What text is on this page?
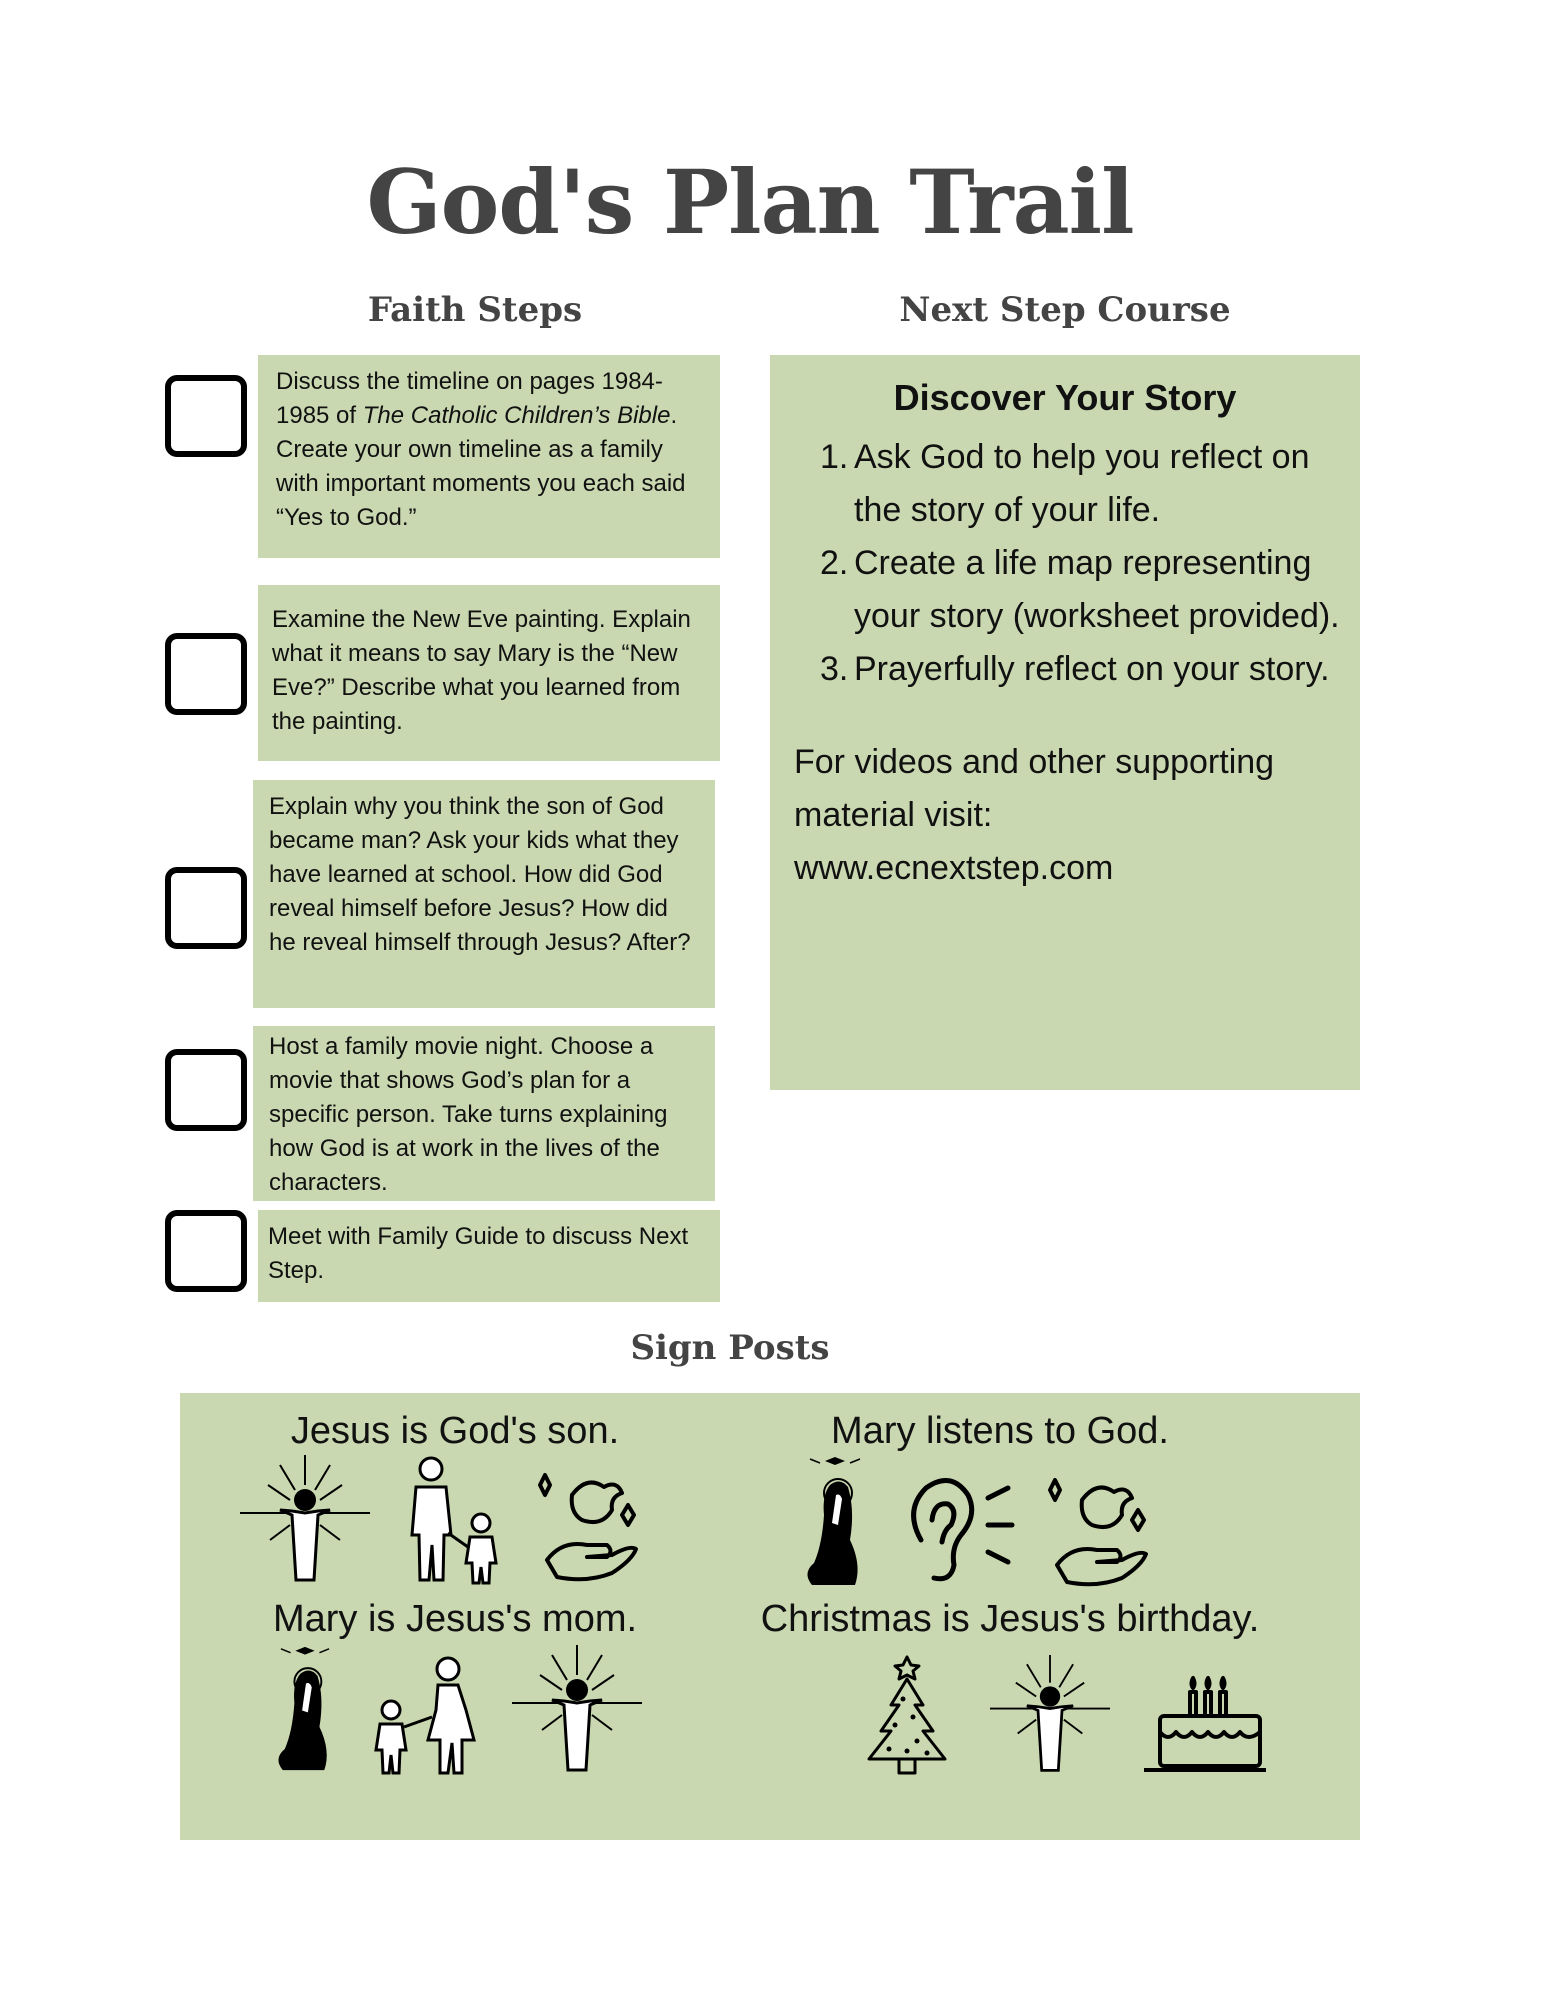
God's Plan Trail
Faith Steps	Next Step Course
Discuss the timeline on pages 1984-1985 of The Catholic Children’s Bible. Create your own timeline as a family with important moments you each said “Yes to God.”
Examine the New Eve painting. Explain what it means to say Mary is the “New Eve?” Describe what you learned from the painting.
Explain why you think the son of God became man? Ask your kids what they have learned at school. How did God reveal himself before Jesus? How did he reveal himself through Jesus? After?
Host a family movie night. Choose a movie that shows God’s plan for a specific person. Take turns explaining how God is at work in the lives of the characters.
Meet with Family Guide to discuss Next Step.
Discover Your Story
1. Ask God to help you reflect on the story of your life.
2. Create a life map representing your story (worksheet provided).
3. Prayerfully reflect on your story.
For videos and other supporting material visit:
www.ecnextstep.com
Sign Posts
Jesus is God's son.	Mary listens to God.
Mary is Jesus's mom.	Christmas is Jesus's birthday.
